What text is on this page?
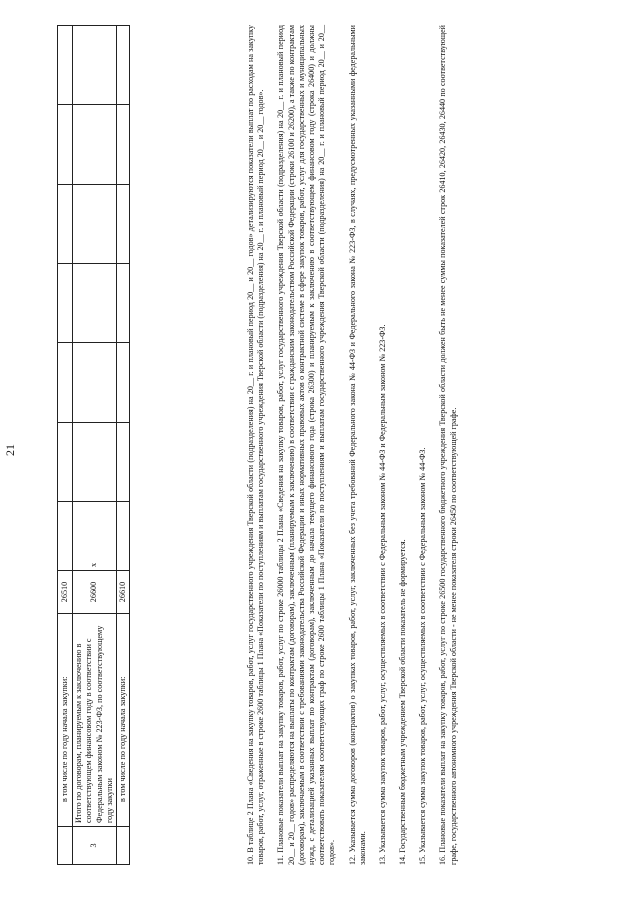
21
	в том числе по году начала закупки:	26510							
3	Итого по договорам, планируемым к заключению в соответствующем финансовом году в соответствии с Федеральным законом № 223-ФЗ, по соответствующему году закупки	26600	x						
	в том числе по году начала закупки:	26610								10. В таблице 2 Плана «Сведения на закупку товаров, работ, услуг государственного учреждения Тверской области (подразделения) на 20__ г. и плановый период 20__ и 20__ годов» детализируются показатели выплат по расходам на закупку товаров, работ, услуг, отраженные в строке 2600 таблицы 1 Плана «Показатели по поступлениям и выплатам государственного учреждения Тверской области (подразделения) на 20__ г. и плановый период 20__ и 20__ годов». 11. Плановые показатели выплат на закупку товаров, работ, услуг по строке 26000 таблицы 2 Плана «Сведения на закупку товаров, работ, услуг государственного учреждения Тверской области (подразделения) на 20__ г. и плановый период 20__ и 20__ годов» распределяются на выплаты по контрактам (договорам), заключенным (планируемым к заключению) в соответствии с гражданским законодательством Российской Федерации (строки 26100 и 26200), а также по контрактам (договорам), заключаемым в соответствии с требованиями законодательства Российской Федерации и иных нормативных правовых актов о контрактной системе в сфере закупок товаров, работ, услуг для государственных и муниципальных нужд, с детализацией указанных выплат по контрактам (договорам), заключенным до начала текущего финансового года (строка 26300) и планируемым к заключению в соответствующем финансовом году (строка 26400) и должны соответствовать показателям соответствующих граф по строке 2600 таблицы 1 Плана «Показатели по поступлениям и выплатам государственного учреждения Тверской области (подразделения) на 20__ г. и плановый период 20__ и 20__ годов». 12. Указывается сумма договоров (контрактов) о закупках товаров, работ, услуг, заключенных без учета требований Федерального закона № 44-ФЗ и Федерального закона № 223-ФЗ, в случаях, предусмотренных указанными федеральными законами. 13. Указывается сумма закупок товаров, работ, услуг, осуществляемых в соответствии с Федеральным законом № 44-ФЗ и Федеральным законом № 223-ФЗ. 14. Государственным бюджетным учреждением Тверской области показатель не формируется. 15. Указывается сумма закупок товаров, работ, услуг, осуществляемых в соответствии с Федеральным законом № 44-ФЗ. 16. Плановые показатели выплат на закупку товаров, работ, услуг по строке 26500 государственного бюджетного учреждения Тверской области должен быть не менее суммы показателей строк 26410, 26420, 26430, 26440 по соответствующей графе, государственного автономного учреждения Тверской области - не менее показателя строки 26450 по соответствующей графе.
